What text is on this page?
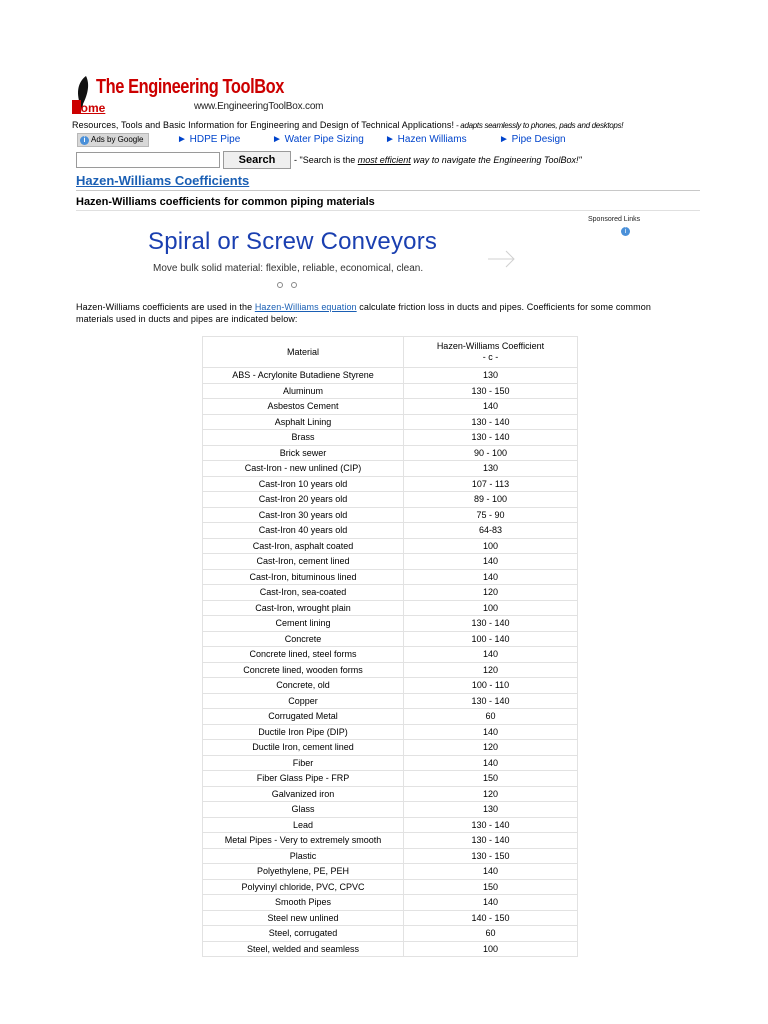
The Engineering ToolBox
Home	www.EngineeringToolBox.com
Resources, Tools and Basic Information for Engineering and Design of Technical Applications! - adapts seamlessly to phones, pads and desktops!
i Ads by Google	► HDPE Pipe	► Water Pipe Sizing ► Hazen Williams	► Pipe Design
Search	- "Search is the most efficient way to navigate the Engineering ToolBox!"
Hazen-Williams Coefficients
Hazen-Williams coefficients for common piping materials
Sponsored Links
i
Spiral or Screw Conveyors
Move bulk solid material: flexible, reliable, economical, clean.
Hazen-Williams coefficients are used in the Hazen-Williams equation calculate friction loss in ducts and pipes. Coefficients for some common materials used in ducts and pipes are indicated below:
Material	Hazen-Williams Coefficient
- c -
ABS - Acrylonite Butadiene Styrene	130
Aluminum	130 - 150
Asbestos Cement	140
Asphalt Lining	130 - 140
Brass	130 - 140
Brick sewer	90 - 100
Cast-Iron - new unlined (CIP)	130
Cast-Iron 10 years old	107 - 113
Cast-Iron 20 years old	89 - 100
Cast-Iron 30 years old	75 - 90
Cast-Iron 40 years old	64-83
Cast-Iron, asphalt coated	100
Cast-Iron, cement lined	140
Cast-Iron, bituminous lined	140
Cast-Iron, sea-coated	120
Cast-Iron, wrought plain	100
Cement lining	130 - 140
Concrete	100 - 140
Concrete lined, steel forms	140
Concrete lined, wooden forms	120
Concrete, old	100 - 110
Copper	130 - 140
Corrugated Metal	60
Ductile Iron Pipe (DIP)	140
Ductile Iron, cement lined	120
Fiber	140
Fiber Glass Pipe - FRP	150
Galvanized iron	120
Glass	130
Lead	130 - 140
Metal Pipes - Very to extremely smooth	130 - 140
Plastic	130 - 150
Polyethylene, PE, PEH	140
Polyvinyl chloride, PVC, CPVC	150
Smooth Pipes	140
Steel new unlined	140 - 150
Steel, corrugated	60
Steel, welded and seamless	100
